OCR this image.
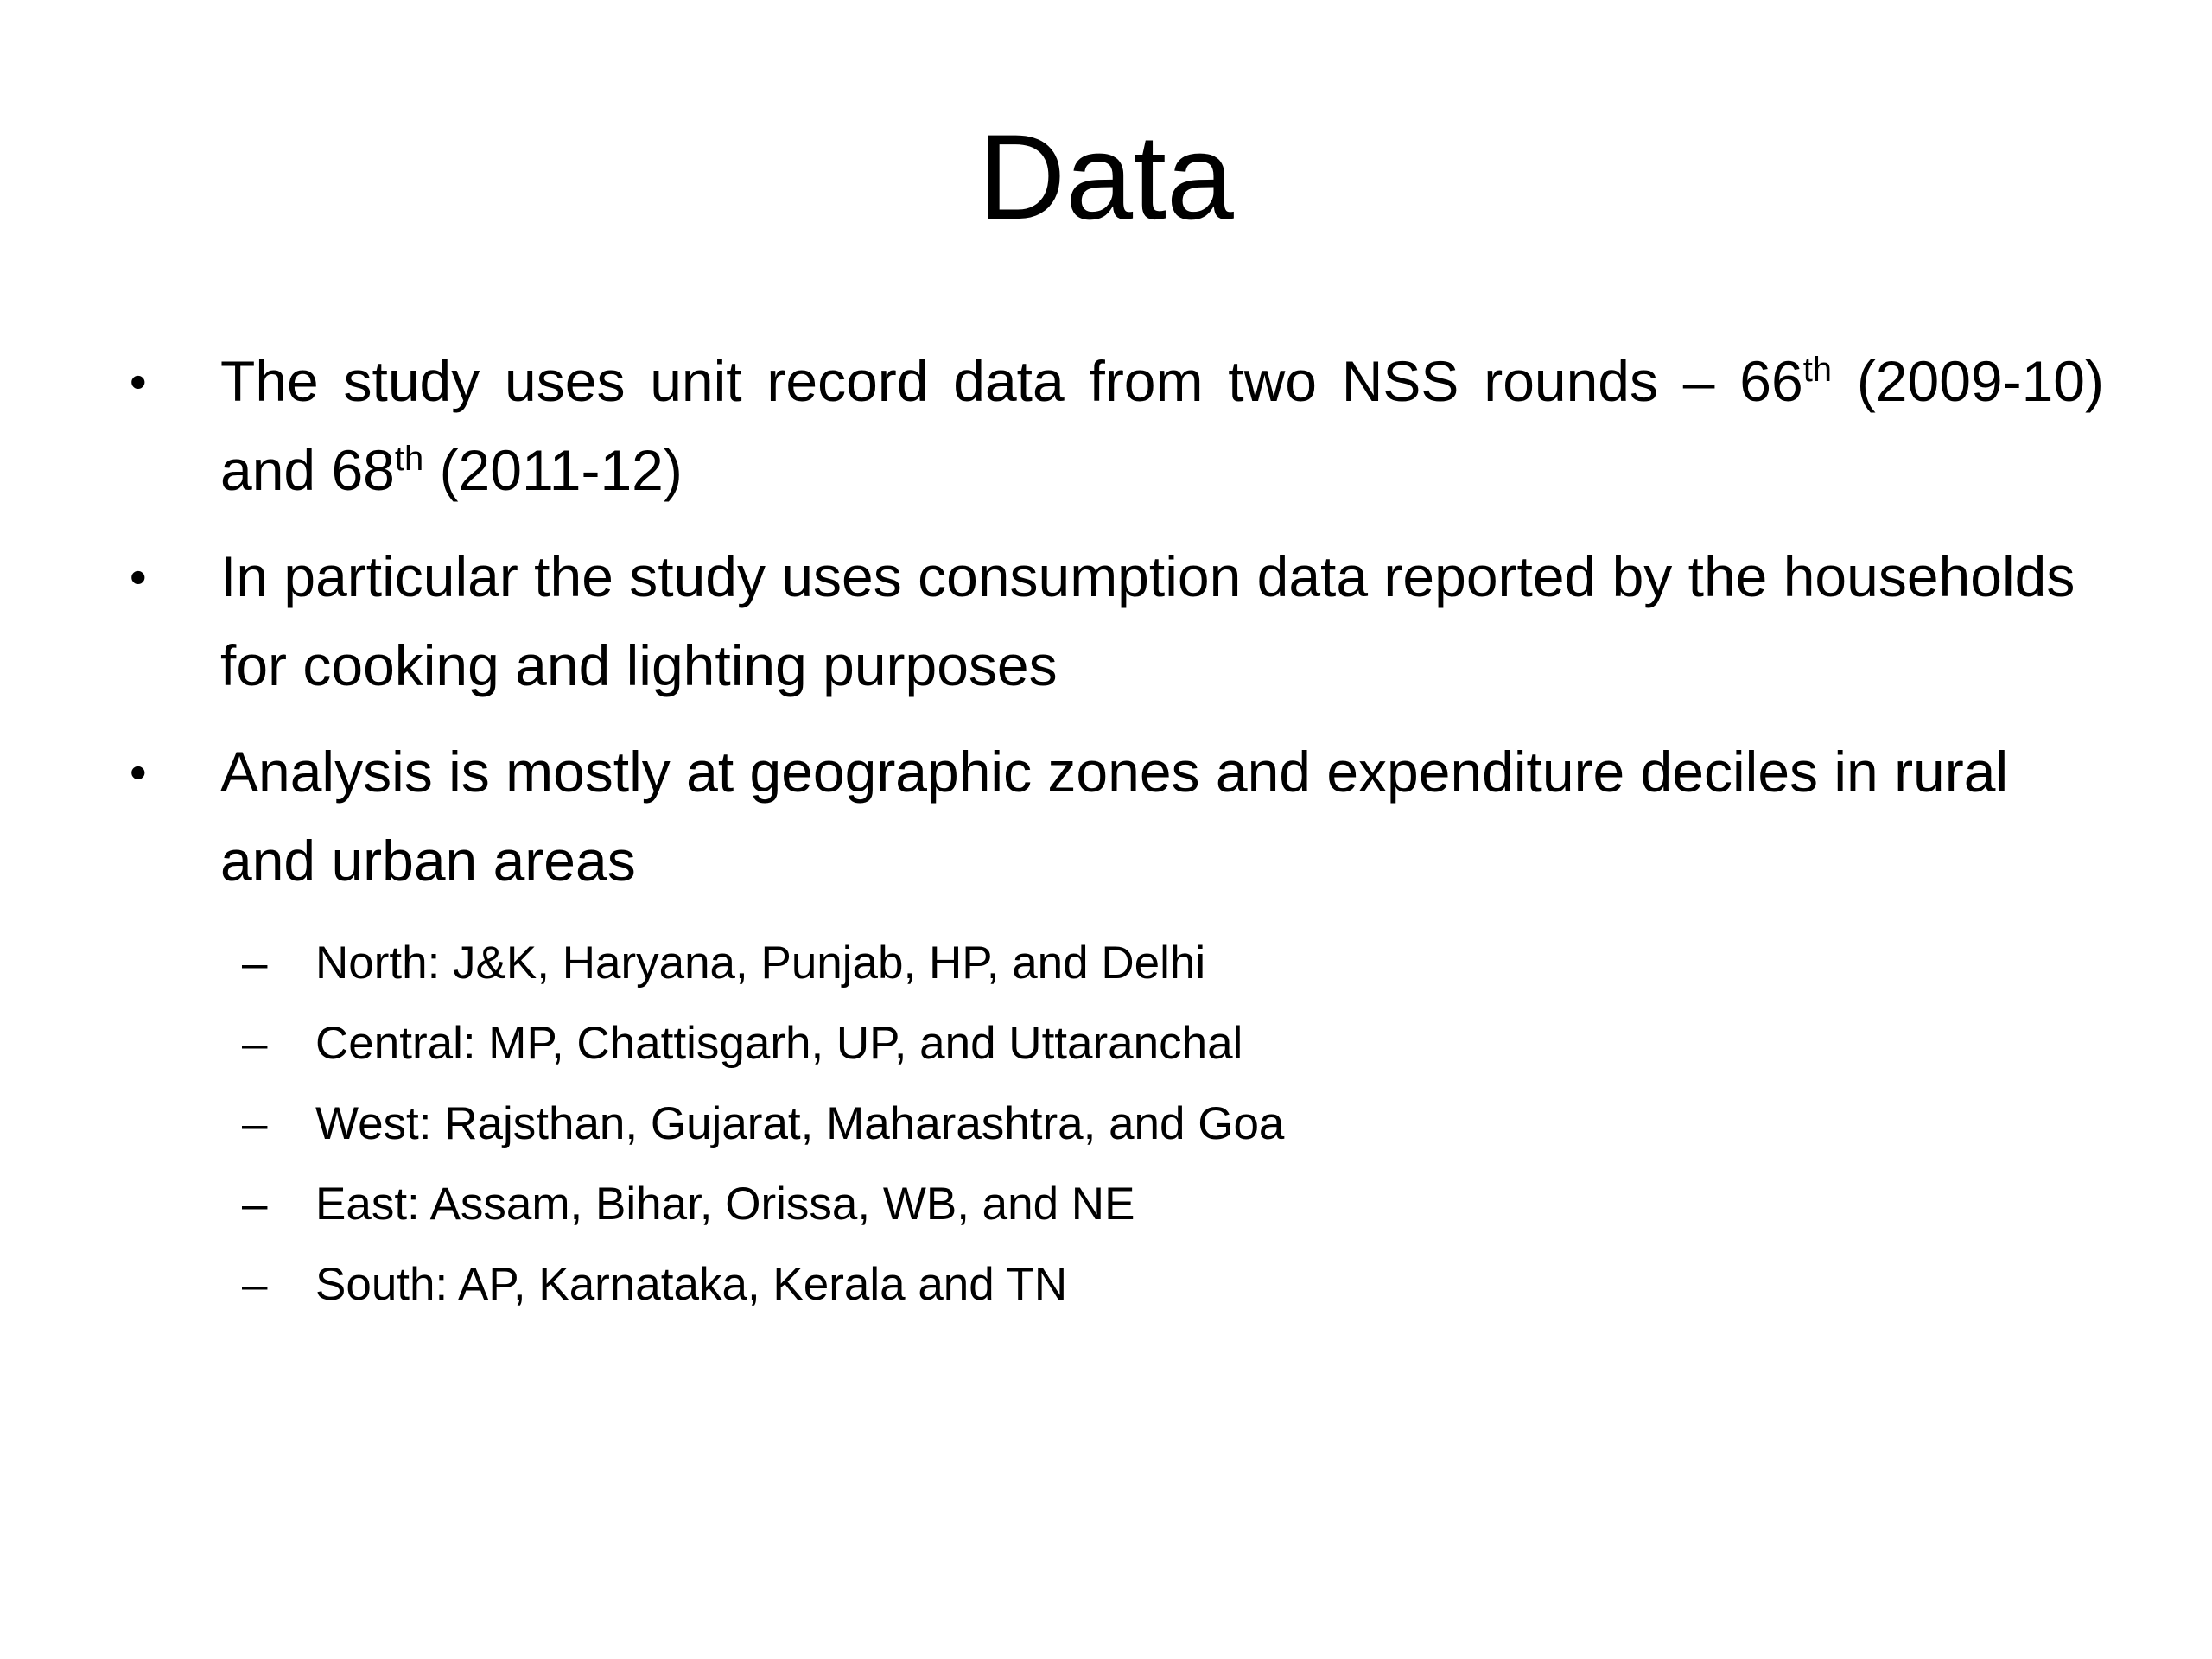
Data
•	The study uses unit record data from two NSS rounds – 66th (2009-10) and 68th (2011-12)
•	In particular the study uses consumption data reported by the households for cooking and lighting purposes
•	Analysis is mostly at geographic zones and expenditure deciles in rural and urban areas
–	North: J&K, Haryana, Punjab, HP, and Delhi
–	Central: MP, Chattisgarh, UP, and Uttaranchal
–	West: Rajsthan, Gujarat, Maharashtra, and Goa
–	East: Assam, Bihar, Orissa, WB, and NE
–	South: AP, Karnataka, Kerala and TN
